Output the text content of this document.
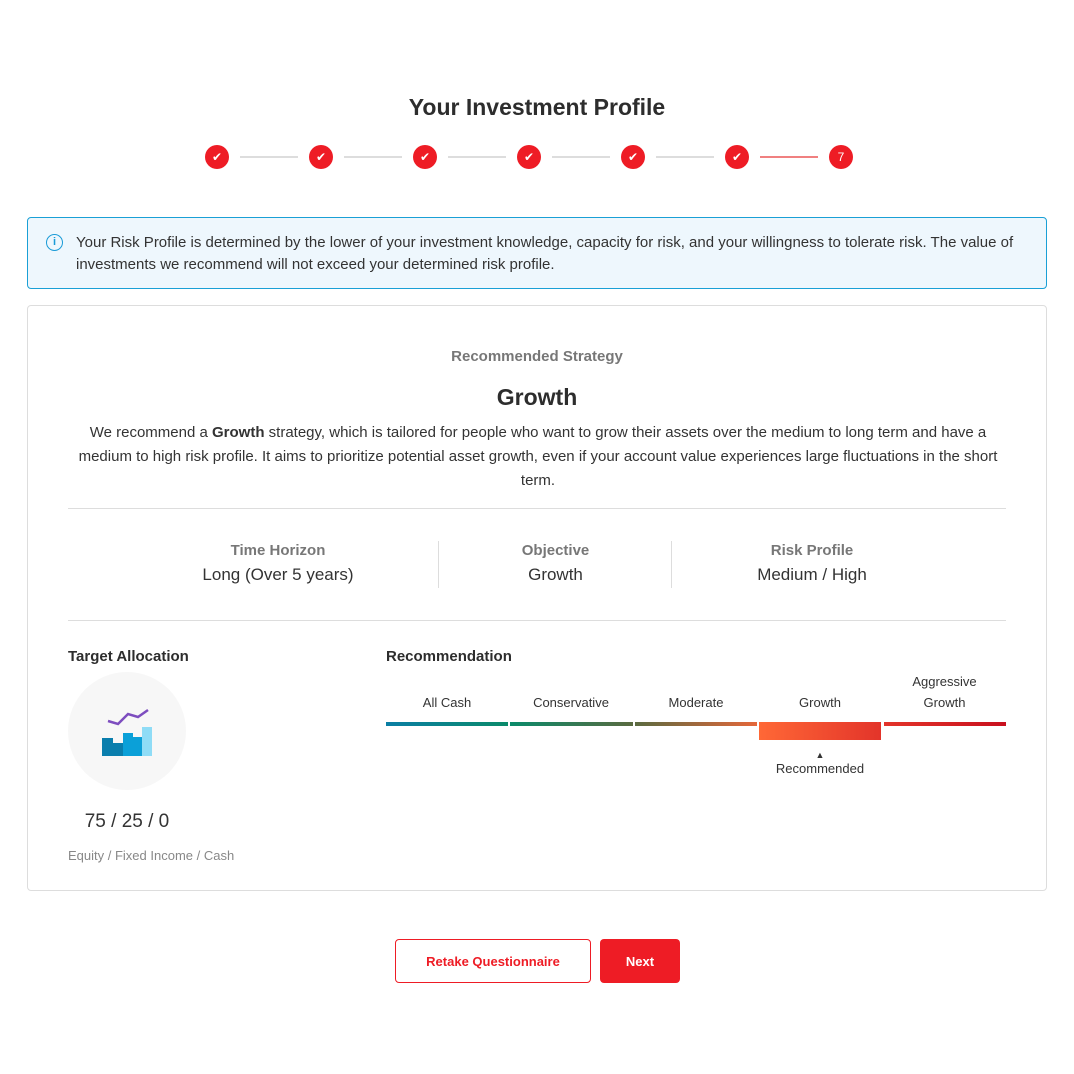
Your Investment Profile
✔	✔	✔	✔	✔	✔	7
i	Your Risk Profile is determined by the lower of your investment knowledge, capacity for risk, and your willingness to tolerate risk. The value of investments we recommend will not exceed your determined risk profile.
Recommended Strategy
Growth
We recommend a Growth strategy, which is tailored for people who want to grow their assets over the medium to long term and have a medium to high risk profile. It aims to prioritize potential asset growth, even if your account value experiences large fluctuations in the short term.
Time Horizon
Long (Over 5 years)
Objective
Growth
Risk Profile
Medium / High
Target Allocation
75 / 25 / 0
Equity / Fixed Income / Cash
Recommendation
All Cash	Conservative	Moderate	Growth
Aggressive Growth
▲
Recommended
Retake Questionnaire	Next
